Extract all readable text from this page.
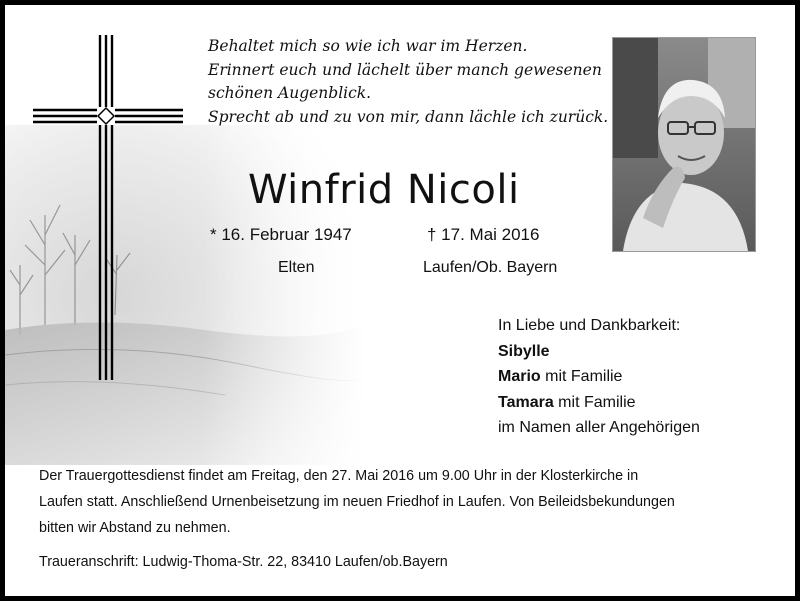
Behaltet mich so wie ich war im Herzen.
Erinnert euch und lächelt über manch gewesenen
schönen Augenblick.
Sprecht ab und zu von mir, dann lächle ich zurück.
Winfrid Nicoli
* 16. Februar 1947	† 17. Mai 2016
Elten	Laufen/Ob. Bayern
In Liebe und Dankbarkeit:
Sibylle
Mario mit Familie
Tamara mit Familie
im Namen aller Angehörigen
Der Trauergottesdienst findet am Freitag, den 27. Mai 2016 um 9.00 Uhr in der Klosterkirche in
Laufen statt. Anschließend Urnenbeisetzung im neuen Friedhof in Laufen. Von Beileidsbekundungen
bitten wir Abstand zu nehmen.
Traueranschrift: Ludwig-Thoma-Str. 22, 83410 Laufen/ob.Bayern
